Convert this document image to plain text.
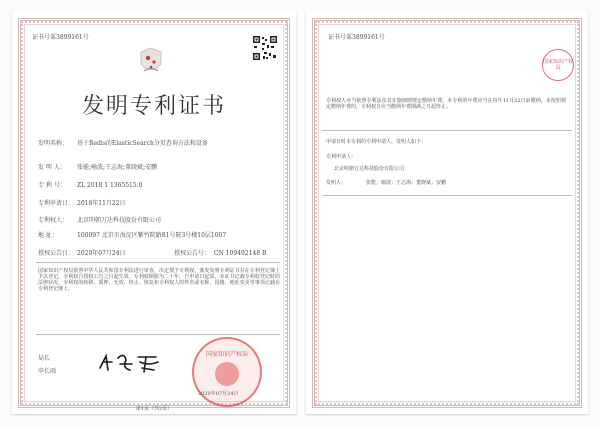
证书号第3899161号
发明专利证书
发明名称： 基于Redis的ElasticSearch分页查询方法和设备
发 明 人： 张能;喻波;王志海;董晓斌;安鹏
专 利 号： ZL 2018 1 1365515.0
专利申请日： 2018年11月22日
专利权人： 北京明朝万达科技股份有限公司
地 址：	100097 北京市海淀区紫竹院路81号院3号楼10层1007
授权公告日： 2020年07月24日	授权公告号： CN 109492148 B
国家知识产权局依照中华人民共和国专利法进行审查，决定授予专利权，颁发发明专利证书并在专利登记簿上予以登记。专利权自授权公告之日起生效。专利权期限为二十年，自申请日起算。本证书记载专利权登记时的法律状况。专利权的转移、质押、无效、终止、恢复和专利权人的姓名或名称、国籍、地址变更等事项记载在专利登记簿上。
局长
申长雨
国家知识产权局
2020年07月24日
第1页（共2页）
证书号第3899161号
国家知识产权局
专利权人应当依照专利法及其实施细则规定缴纳年费。本专利的年费应当在每年11月22日前缴纳。未按照规定缴纳年费的，专利权自应当缴纳年费期满之日起终止。
申请日时本专利的专利申请人、发明人如下：
专利申请人：
北京明朝万达科技股份有限公司
发明人：	张能；喻波；王志海；董晓斌；安鹏
